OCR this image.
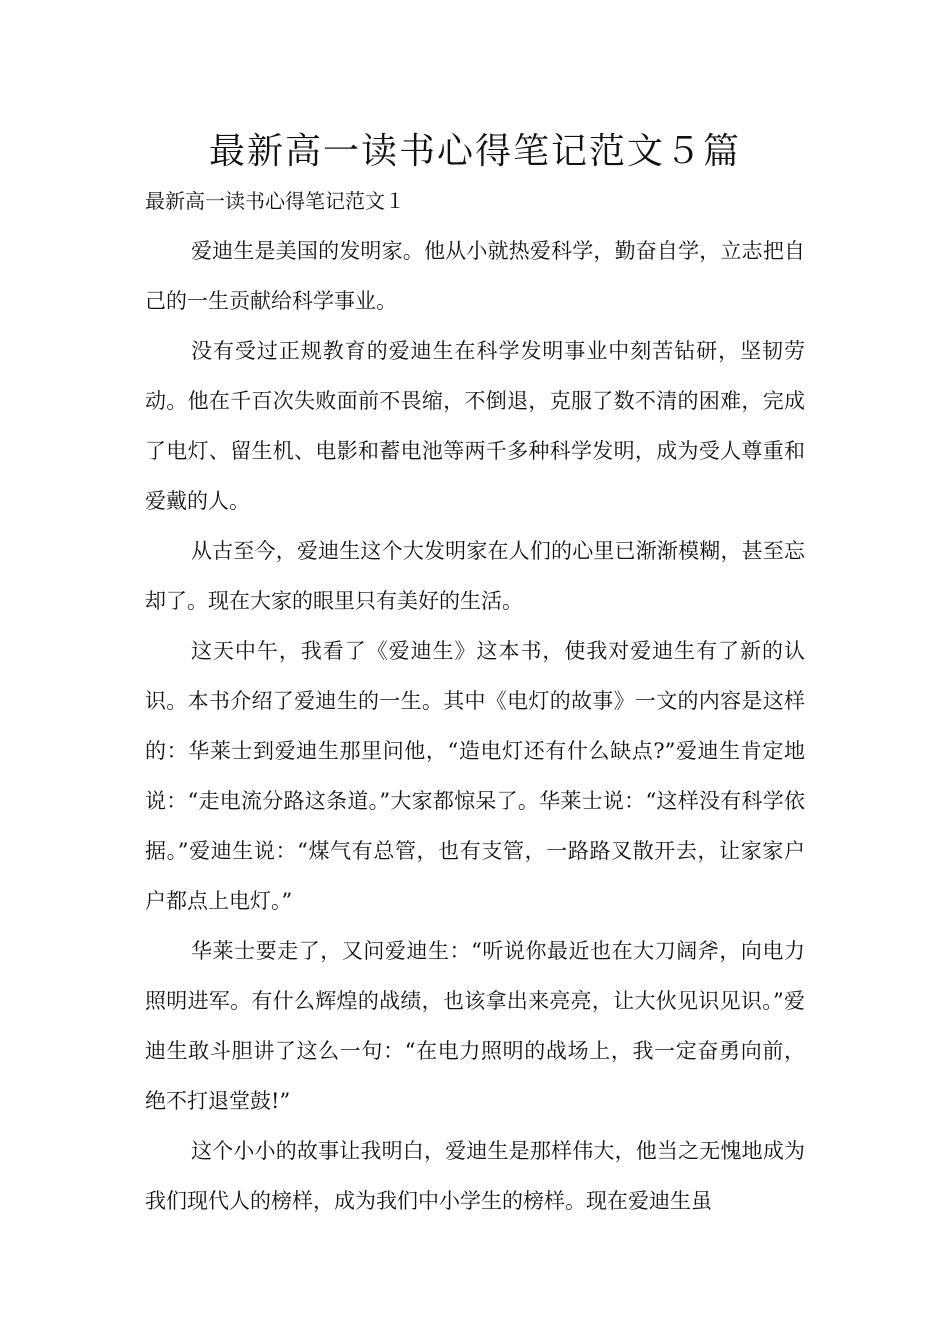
最新高一读书心得笔记范文５篇
最新高一读书心得笔记范文１

爱迪生是美国的发明家。他从小就热爱科学，勤奋自学，立志把自己的一生贡献给科学事业。

没有受过正规教育的爱迪生在科学发明事业中刻苦钻研，坚韧劳动。他在千百次失败面前不畏缩，不倒退，克服了数不清的困难，完成了电灯、留生机、电影和蓄电池等两千多种科学发明，成为受人尊重和爱戴的人。

从古至今，爱迪生这个大发明家在人们的心里已渐渐模糊，甚至忘却了。现在大家的眼里只有美好的生活。

这天中午，我看了《爱迪生》这本书，使我对爱迪生有了新的认识。本书介绍了爱迪生的一生。其中《电灯的故事》一文的内容是这样的：华莱士到爱迪生那里问他，“造电灯还有什么缺点?”爱迪生肯定地说：“走电流分路这条道。”大家都惊呆了。华莱士说：“这样没有科学依据。”爱迪生说：“煤气有总管，也有支管，一路路叉散开去，让家家户户都点上电灯。”

华莱士要走了，又问爱迪生：“听说你最近也在大刀阔斧，向电力照明进军。有什么辉煌的战绩，也该拿出来亮亮，让大伙见识见识。”爱迪生敢斗胆讲了这么一句：“在电力照明的战场上，我一定奋勇向前，绝不打退堂鼓!”

这个小小的故事让我明白，爱迪生是那样伟大，他当之无愧地成为我们现代人的榜样，成为我们中小学生的榜样。现在爱迪生虽
